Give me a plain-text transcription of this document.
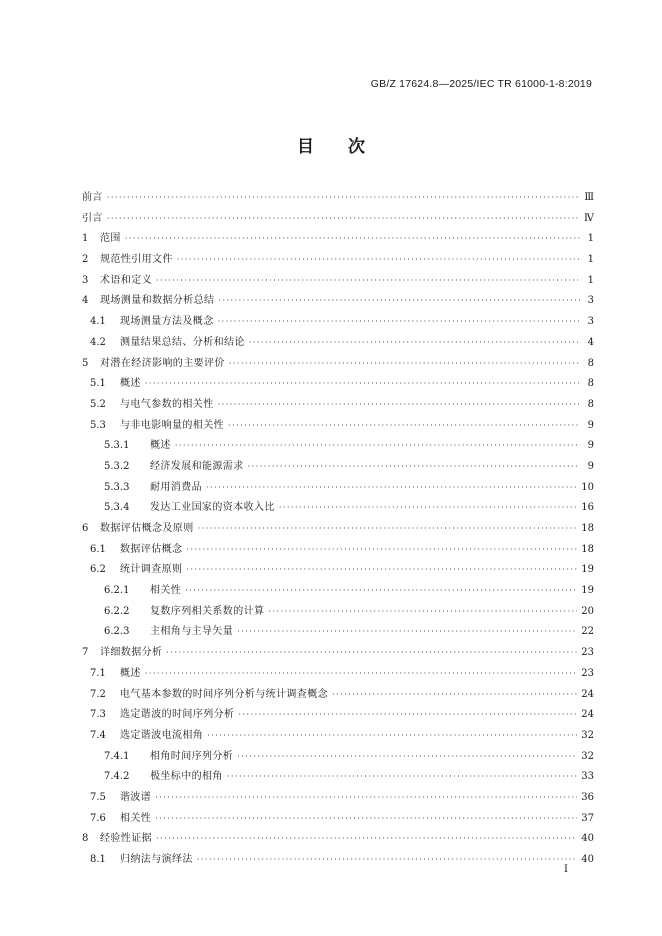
GB/Z 17624.8—2025/IEC TR 61000-1-8:2019
目　　次
前言 ·····	Ⅲ
引言 ·····	Ⅳ
1	范围 ·····	1
2	规范性引用文件 ·····	1
3	术语和定义 ·····	1
4	现场测量和数据分析总结 ·····	3
4.1	现场测量方法及概念 ·····	3
4.2	测量结果总结、分析和结论 ·····	4
5	对潜在经济影响的主要评价 ·····	8
5.1	概述 ·····	8
5.2	与电气参数的相关性 ·····	8
5.3	与非电影响量的相关性 ·····	9
5.3.1	概述 ·····	9
5.3.2	经济发展和能源需求 ·····	9
5.3.3	耐用消费品 ·····	10
5.3.4	发达工业国家的资本收入比 ·····	16
6	数据评估概念及原则 ·····	18
6.1	数据评估概念 ·····	18
6.2	统计调查原则 ·····	19
6.2.1	相关性 ·····	19
6.2.2	复数序列相关系数的计算 ·····	20
6.2.3	主相角与主导矢量 ·····	22
7	详细数据分析 ·····	23
7.1	概述 ·····	23
7.2	电气基本参数的时间序列分析与统计调查概念 ·····	24
7.3	选定谐波的时间序列分析 ·····	24
7.4	选定谐波电流相角 ·····	32
7.4.1	相角时间序列分析 ·····	32
7.4.2	极坐标中的相角 ·····	33
7.5	谐波谱 ·····	36
7.6	相关性 ·····	37
8	经验性证据 ·····	40
8.1	归纳法与演绎法 ·····	40
Ⅰ
